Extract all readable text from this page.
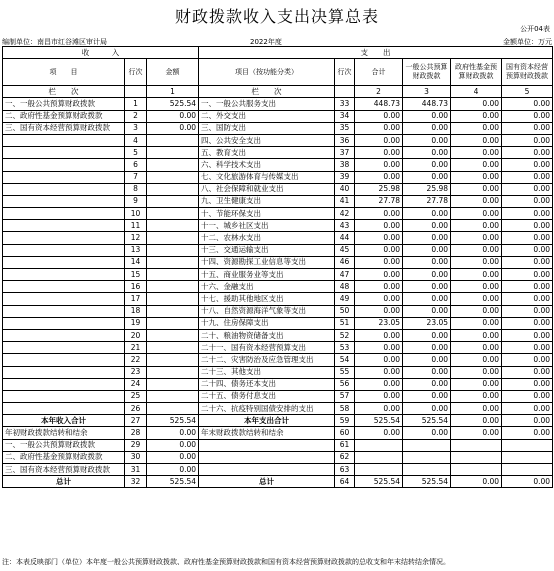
财政拨款收入支出决算总表
公开04表
编制单位：南昌市红谷滩区审计局	2022年度	金额单位：万元
收　　　入			支　　出					
项　　目	行次	金额	项目（按功能分类）	行次	合计	一般公共预算财政拨款	政府性基金预算财政拨款	国有资本经营预算财政拨款
栏　　次		1	栏　　次		2	3	4	5
一、一般公共预算财政拨款	1	525.54	一、一般公共服务支出	33	448.73	448.73	0.00	0.00
二、政府性基金预算财政拨款	2	0.00	二、外交支出	34	0.00	0.00	0.00	0.00
三、国有资本经营预算财政拨款	3	0.00	三、国防支出	35	0.00	0.00	0.00	0.00
	4		四、公共安全支出	36	0.00	0.00	0.00	0.00
	5		五、教育支出	37	0.00	0.00	0.00	0.00
	6		六、科学技术支出	38	0.00	0.00	0.00	0.00
	7		七、文化旅游体育与传媒支出	39	0.00	0.00	0.00	0.00
	8		八、社会保障和就业支出	40	25.98	25.98	0.00	0.00
	9		九、卫生健康支出	41	27.78	27.78	0.00	0.00
	10		十、节能环保支出	42	0.00	0.00	0.00	0.00
	11		十一、城乡社区支出	43	0.00	0.00	0.00	0.00
	12		十二、农林水支出	44	0.00	0.00	0.00	0.00
	13		十三、交通运输支出	45	0.00	0.00	0.00	0.00
	14		十四、资源勘探工业信息等支出	46	0.00	0.00	0.00	0.00
	15		十五、商业服务业等支出	47	0.00	0.00	0.00	0.00
	16		十六、金融支出	48	0.00	0.00	0.00	0.00
	17		十七、援助其他地区支出	49	0.00	0.00	0.00	0.00
	18		十八、自然资源海洋气象等支出	50	0.00	0.00	0.00	0.00
	19		十九、住房保障支出	51	23.05	23.05	0.00	0.00
	20		二十、粮油物资储备支出	52	0.00	0.00	0.00	0.00
	21		二十一、国有资本经营预算支出	53	0.00	0.00	0.00	0.00
	22		二十二、灾害防治及应急管理支出	54	0.00	0.00	0.00	0.00
	23		二十三、其他支出	55	0.00	0.00	0.00	0.00
	24		二十四、债务还本支出	56	0.00	0.00	0.00	0.00
	25		二十五、债务付息支出	57	0.00	0.00	0.00	0.00
	26		二十六、抗疫特别国债安排的支出	58	0.00	0.00	0.00	0.00
本年收入合计	27	525.54	本年支出合计	59	525.54	525.54	0.00	0.00
年初财政拨款结转和结余	28	0.00	年末财政拨款结转和结余	60	0.00	0.00	0.00	0.00
一、一般公共预算财政拨款	29	0.00		61				
二、政府性基金预算财政拨款	30	0.00		62				
三、国有资本经营预算财政拨款	31	0.00		63				
总计	32	525.54	总计	64	525.54	525.54	0.00	0.00
注：本表反映部门（单位）本年度一般公共预算财政拨款、政府性基金预算财政拨款和国有资本经营预算财政拨款的总收支和年末结转结余情况。
